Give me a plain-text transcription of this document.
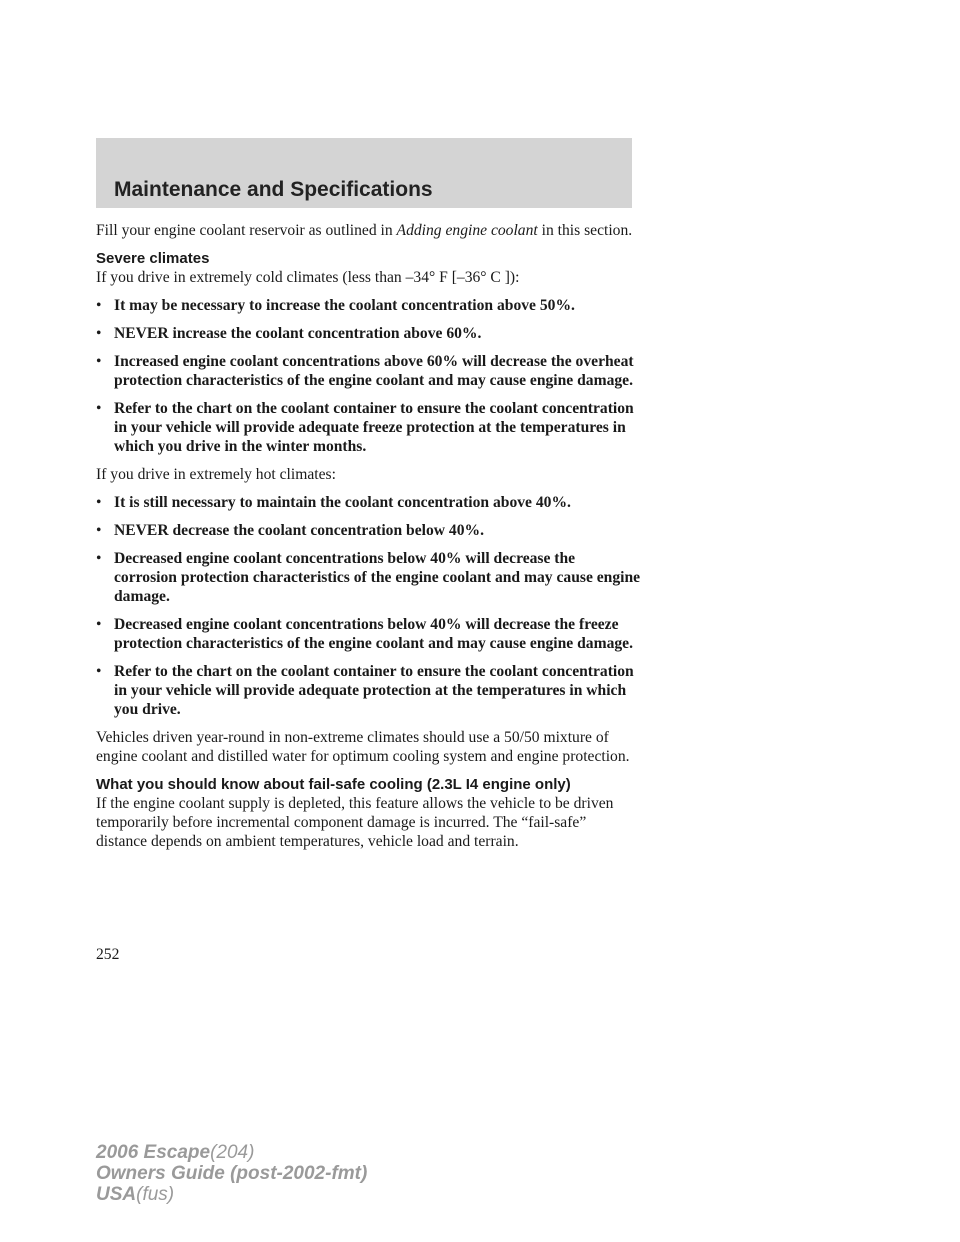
Maintenance and Specifications

Fill your engine coolant reservoir as outlined in Adding engine coolant in this section.

Severe climates

If you drive in extremely cold climates (less than –34° F [–36° C ]):

• It may be necessary to increase the coolant concentration above 50%.
• NEVER increase the coolant concentration above 60%.
• Increased engine coolant concentrations above 60% will decrease the overheat protection characteristics of the engine coolant and may cause engine damage.
• Refer to the chart on the coolant container to ensure the coolant concentration in your vehicle will provide adequate freeze protection at the temperatures in which you drive in the winter months.

If you drive in extremely hot climates:

• It is still necessary to maintain the coolant concentration above 40%.
• NEVER decrease the coolant concentration below 40%.
• Decreased engine coolant concentrations below 40% will decrease the corrosion protection characteristics of the engine coolant and may cause engine damage.
• Decreased engine coolant concentrations below 40% will decrease the freeze protection characteristics of the engine coolant and may cause engine damage.
• Refer to the chart on the coolant container to ensure the coolant concentration in your vehicle will provide adequate protection at the temperatures in which you drive.

Vehicles driven year-round in non-extreme climates should use a 50/50 mixture of engine coolant and distilled water for optimum cooling system and engine protection.

What you should know about fail-safe cooling (2.3L I4 engine only)

If the engine coolant supply is depleted, this feature allows the vehicle to be driven temporarily before incremental component damage is incurred. The “fail-safe” distance depends on ambient temperatures, vehicle load and terrain.

252
2006 Escape(204)
Owners Guide (post-2002-fmt)
USA(fus)
